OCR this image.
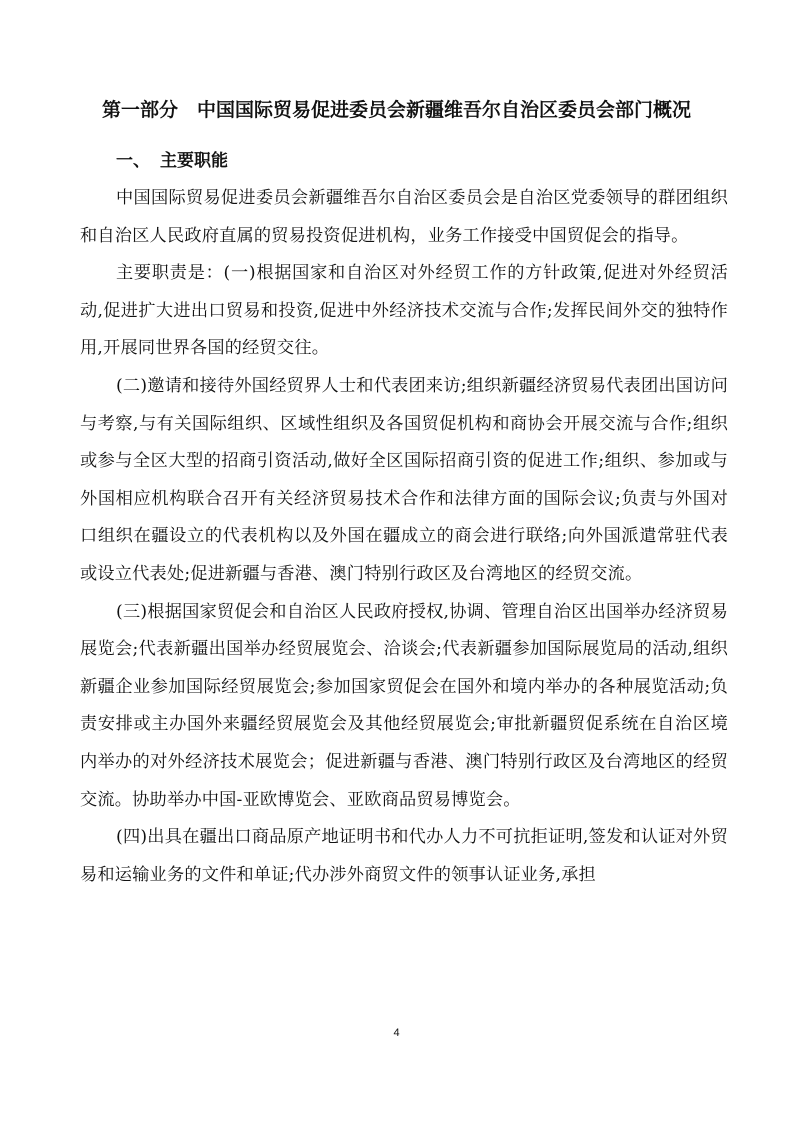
第一部分　中国国际贸易促进委员会新疆维吾尔自治区委员会部门概况
一、 主要职能

中国国际贸易促进委员会新疆维吾尔自治区委员会是自治区党委领导的群团组织和自治区人民政府直属的贸易投资促进机构，业务工作接受中国贸促会的指导。

主要职责是：(一)根据国家和自治区对外经贸工作的方针政策,促进对外经贸活动,促进扩大进出口贸易和投资,促进中外经济技术交流与合作;发挥民间外交的独特作用,开展同世界各国的经贸交往。

(二)邀请和接待外国经贸界人士和代表团来访;组织新疆经济贸易代表团出国访问与考察,与有关国际组织、区域性组织及各国贸促机构和商协会开展交流与合作;组织或参与全区大型的招商引资活动,做好全区国际招商引资的促进工作;组织、参加或与外国相应机构联合召开有关经济贸易技术合作和法律方面的国际会议;负责与外国对口组织在疆设立的代表机构以及外国在疆成立的商会进行联络;向外国派遣常驻代表或设立代表处;促进新疆与香港、澳门特别行政区及台湾地区的经贸交流。

(三)根据国家贸促会和自治区人民政府授权,协调、管理自治区出国举办经济贸易展览会;代表新疆出国举办经贸展览会、洽谈会;代表新疆参加国际展览局的活动,组织新疆企业参加国际经贸展览会;参加国家贸促会在国外和境内举办的各种展览活动;负责安排或主办国外来疆经贸展览会及其他经贸展览会;审批新疆贸促系统在自治区境内举办的对外经济技术展览会；促进新疆与香港、澳门特别行政区及台湾地区的经贸交流。协助举办中国-亚欧博览会、亚欧商品贸易博览会。

(四)出具在疆出口商品原产地证明书和代办人力不可抗拒证明,签发和认证对外贸易和运输业务的文件和单证;代办涉外商贸文件的领事认证业务,承担

4
